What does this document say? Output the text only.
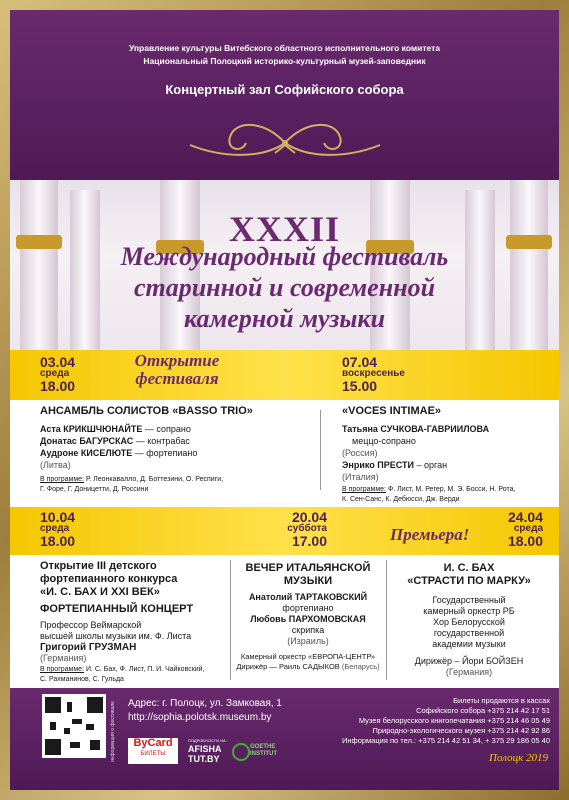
Управление культуры Витебского областного исполнительного комитета
Национальный Полоцкий историко-культурный музей-заповедник
Концертный зал Софийского собора
XXXII
Международный фестиваль
старинной и современной
камерной музыки
03.04
среда
18.00
Открытие
фестиваля
07.04
воскресенье
15.00
АНСАМБЛЬ СОЛИСТОВ «BASSO TRIO»
Аста КРИКШЧЮНАЙТЕ — сопрано
Донатас БАГУРСКАС — контрабас
Аудроне КИСЕЛЮТЕ — фортепиано
(Литва)
В программе: Р. Леонкавалло, Д. Боттезини, О. Респиги,
Г. Форе, Г. Доницетти, Д. Россини
«VOCES INTIMAE»
Татьяна СУЧКОВА-ГАВРИИЛОВА
меццо-сопрано
(Россия)
Энрико ПРЕСТИ – орган
(Италия)
В программе: Ф. Лист, М. Регер, М. Э. Босси, Н. Рота,
К. Сен-Санс, К. Дебюсси, Дж. Верди
10.04
среда
18.00
20.04
суббота
17.00	Премьера!
24.04
среда
18.00
Открытие III детского
фортепианного конкурса
«И. С. БАХ И XXI ВЕК»
ФОРТЕПИАННЫЙ КОНЦЕРТ
Профессор Веймарской
высшей школы музыки им. Ф. Листа
Григорий ГРУЗМАН
(Германия)
В программе: И. С. Бах, Ф. Лист, П. И. Чайковский,
С. Рахманинов, С. Гульда
ВЕЧЕР ИТАЛЬЯНСКОЙ
МУЗЫКИ
Анатолий ТАРТАКОВСКИЙ
фортепиано
Любовь ПАРХОМОВСКАЯ
скрипка
(Израиль)
Камерный оркестр «ЕВРОПА-ЦЕНТР»
Дирижёр — Раиль САДЫКОВ (Беларусь)
И. С. БАХ
«СТРАСТИ ПО МАРКУ»
Государственный
камерный оркестр РБ
Хор Белорусской
государственной
академии музыки
Дирижёр – Йори БОЙЗЕН
(Германия)
информация о фестивале Адрес: г. Полоцк, ул. Замковая, 1
http://sophia.polotsk.museum.by
ByCard
БИЛЕТЫ
ПОДРОБНОСТИ НА:
AFISHA
TUT.BY
GOETHE
INSTITUT
Билеты продаются в кассах
Софийского собора +375 214 42 17 51
Музея белорусского книгопечатания +375 214 46 05 49
Природно-экологического музея +375 214 42 92 86
Информация по тел.: +375 214 42 51 34, + 375 29 186 05 40
Полоцк 2019
